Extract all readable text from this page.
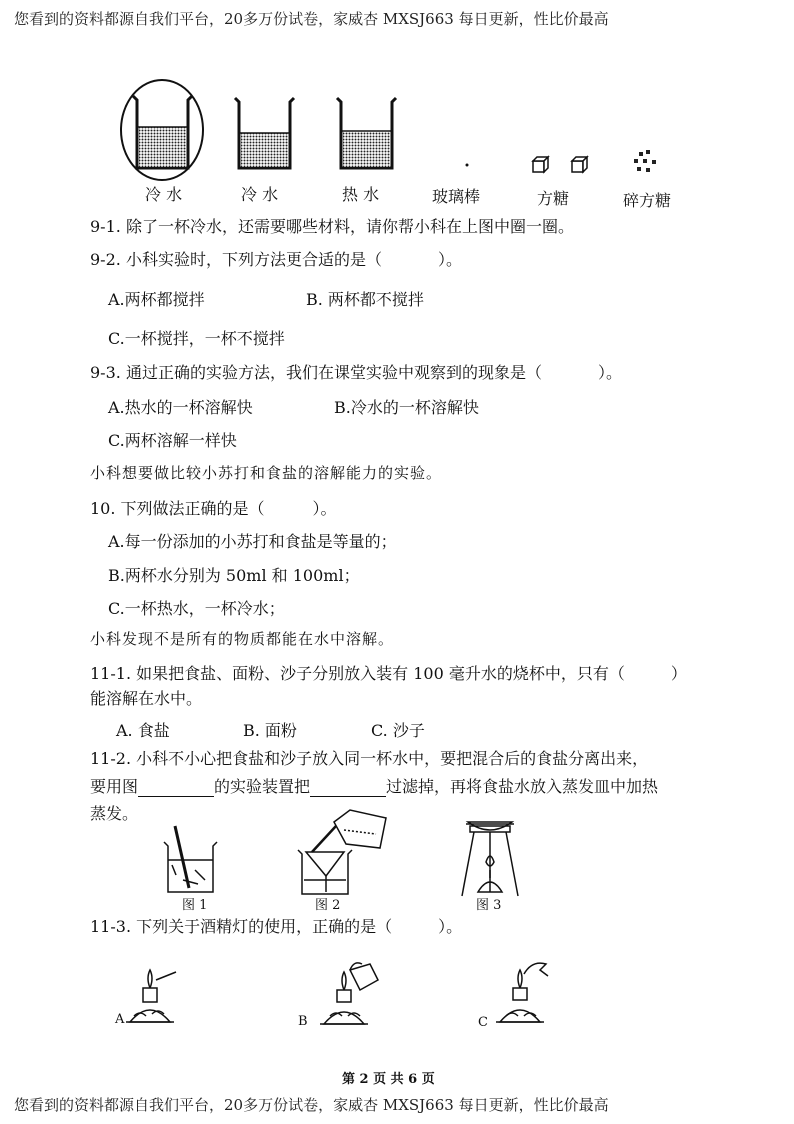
您看到的资料都源自我们平台，20多万份试卷，家威杏 MXSJ663 每日更新，性比价最高
冷 水	冷 水	热 水	玻璃棒	方糖	碎方糖
9-1. 除了一杯冷水，还需要哪些材料，请你帮小科在上图中圈一圈。
9-2. 小科实验时，下列方法更合适的是（	）。
A.两杯都搅拌	B. 两杯都不搅拌
C.一杯搅拌，一杯不搅拌
9-3. 通过正确的实验方法，我们在课堂实验中观察到的现象是（	）。
A.热水的一杯溶解快	B.冷水的一杯溶解快
C.两杯溶解一样快
小科想要做比较小苏打和食盐的溶解能力的实验。
10. 下列做法正确的是（	）。
A.每一份添加的小苏打和食盐是等量的；
B.两杯水分别为 50ml 和 100ml；
C.一杯热水，一杯冷水；
小科发现不是所有的物质都能在水中溶解。
11-1. 如果把食盐、面粉、沙子分别放入装有 100 毫升水的烧杯中，只有（	）
能溶解在水中。
A. 食盐	B. 面粉	C. 沙子
11-2. 小科不小心把食盐和沙子放入同一杯水中，要把混合后的食盐分离出来，
要用图	的实验装置把	过滤掉，再将食盐水放入蒸发皿中加热
蒸发。
图 1	图 2	图 3
11-3. 下列关于酒精灯的使用，正确的是（	）。
A	B	C
第 2 页 共 6 页
您看到的资料都源自我们平台，20多万份试卷，家威杏 MXSJ663 每日更新，性比价最高
